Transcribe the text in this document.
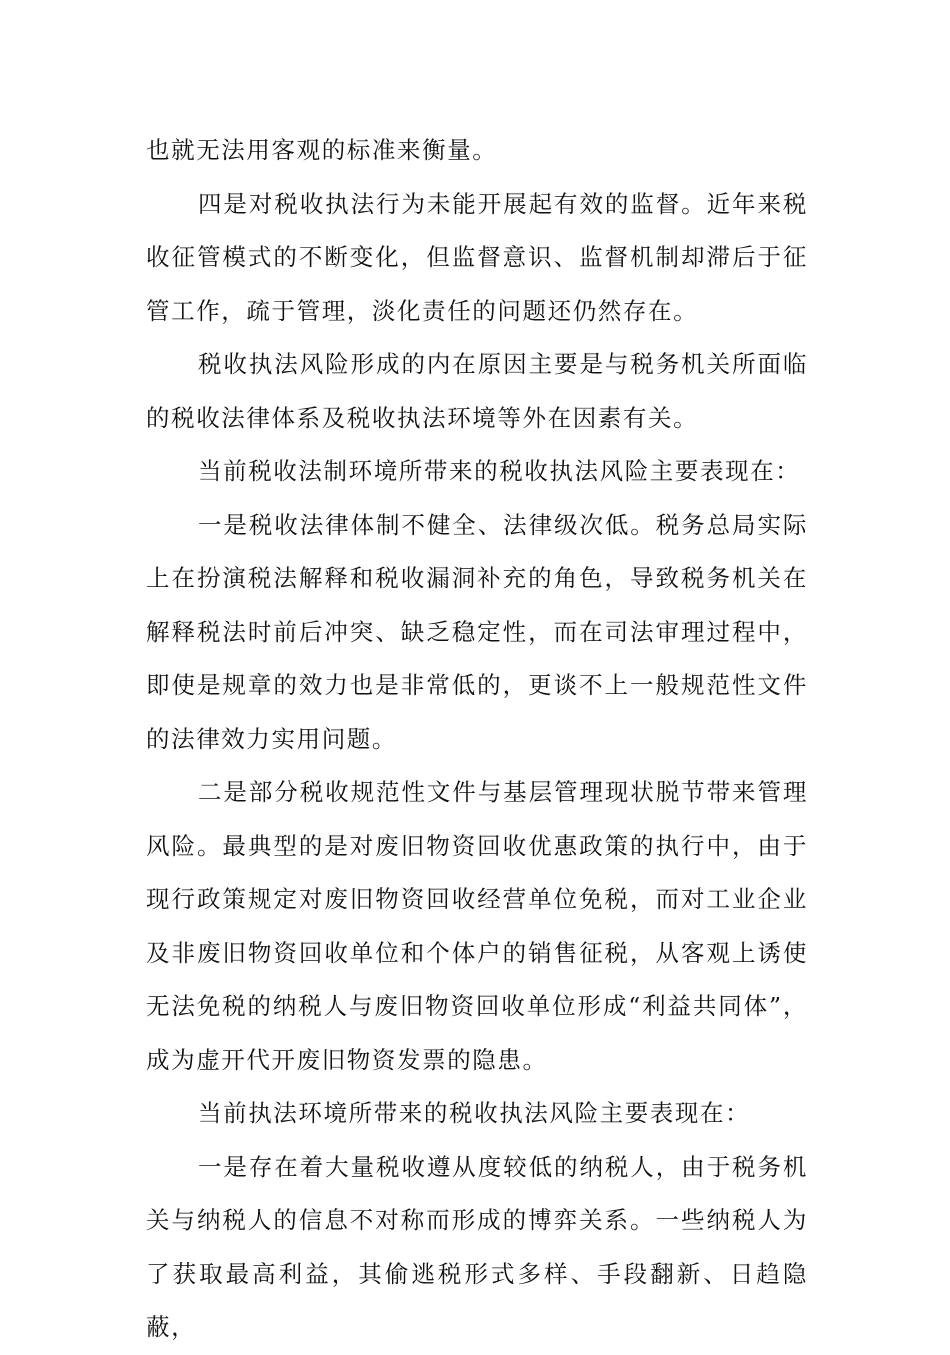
也就无法用客观的标准来衡量。

四是对税收执法行为未能开展起有效的监督。近年来税收征管模式的不断变化，但监督意识、监督机制却滞后于征管工作，疏于管理，淡化责任的问题还仍然存在。

税收执法风险形成的内在原因主要是与税务机关所面临的税收法律体系及税收执法环境等外在因素有关。

当前税收法制环境所带来的税收执法风险主要表现在：

一是税收法律体制不健全、法律级次低。税务总局实际上在扮演税法解释和税收漏洞补充的角色，导致税务机关在解释税法时前后冲突、缺乏稳定性，而在司法审理过程中，即使是规章的效力也是非常低的，更谈不上一般规范性文件的法律效力实用问题。

二是部分税收规范性文件与基层管理现状脱节带来管理风险。最典型的是对废旧物资回收优惠政策的执行中，由于现行政策规定对废旧物资回收经营单位免税，而对工业企业及非废旧物资回收单位和个体户的销售征税，从客观上诱使无法免税的纳税人与废旧物资回收单位形成“利益共同体”，成为虚开代开废旧物资发票的隐患。

当前执法环境所带来的税收执法风险主要表现在：

一是存在着大量税收遵从度较低的纳税人，由于税务机关与纳税人的信息不对称而形成的博弈关系。一些纳税人为了获取最高利益，其偷逃税形式多样、手段翻新、日趋隐蔽，
